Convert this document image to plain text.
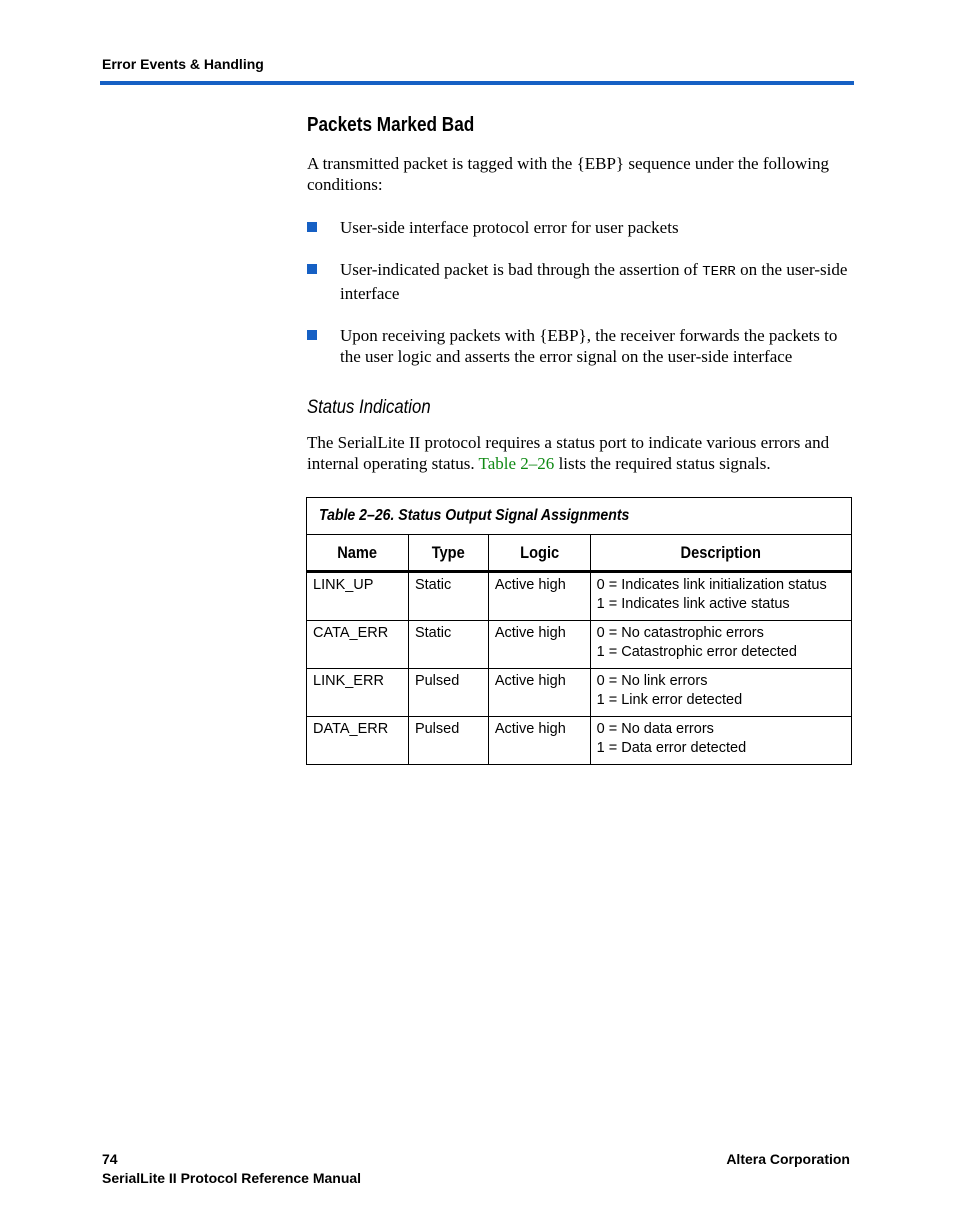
Error Events & Handling
Packets Marked Bad

A transmitted packet is tagged with the {EBP} sequence under the following conditions:

User-side interface protocol error for user packets
User-indicated packet is bad through the assertion of TERR on the user-side interface
Upon receiving packets with {EBP}, the receiver forwards the packets to the user logic and asserts the error signal on the user-side interface
Status Indication

The SerialLite II protocol requires a status port to indicate various errors and internal operating status. Table 2–26 lists the required status signals.

Table 2–26. Status Output Signal Assignments			
Name	Type	Logic	Description
LINK_UP	Static	Active high	0 = Indicates link initialization status
1 = Indicates link active status

CATA_ERR	Static	Active high	0 = No catastrophic errors
1 = Catastrophic error detected

LINK_ERR	Pulsed	Active high	0 = No link errors
1 = Link error detected

DATA_ERR	Pulsed	Active high	0 = No data errors
1 = Data error detected
74
SerialLite II Protocol Reference Manual
Altera Corporation
